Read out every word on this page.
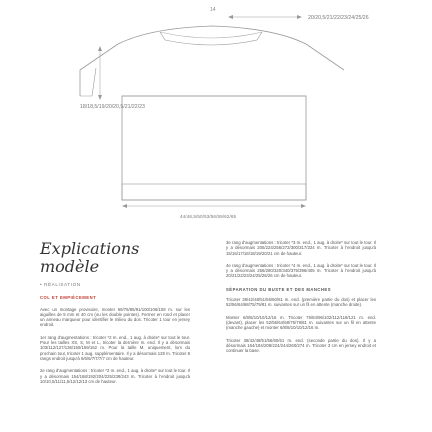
14
20/20,5/21/22/23/24/25/26
18/18,5/19/20/20,5/21/22/23
44/46,5/50/53/56/59/62/65
Explications modèle
• RÉALISATION
COL ET EMPIÈCEMENT

Avec un montage provisoire, monter 69/75/85/91/100/106/108 m. sur les aiguilles de 5 mm et 40 cm (ou les double pointes). Fermer en rond et placer un anneau marqueur pour identifier le milieu du dos. Tricoter 1 tour en jersey endroit.

1er rang d'augmentations : tricoter *2 m. end., 1 aug. à droite* sur tout le tour. Pour les tailles XS, S, M et L, tricoter la dernière m. end. Il y a désormais 103/112/127/136/150/159/162 m. Pour la taille M, uniquement, lors du prochain tour, tricoter 1 aug. supplémentaire. Il y a désormais 128 m. Tricoter 8 rangs endroit jusqu'à 5/6/6/7/7/7/7 cm de hauteur.

2e rang d'augmentations : tricoter *2 m. end., 1 aug. à droite* sur tout le tour. Il y a désormais 154/168/192/204/225/238/243 m. Tricoter à l'endroit jusqu'à 10/10,5/11/11,5/12/12/13 cm de hauteur.

3e rang d'augmentations : tricoter *3 m. end., 1 aug. à droite* sur tout le tour. Il y a désormais 205/224/256/272/300/317/324 m. Tricoter à l'endroit jusqu'à 15/16/17/18/18/19/20/21 cm de hauteur.

4e rang d'augmentations : tricoter *4 m. end., 1 aug. à droite* sur tout le tour. Il y a désormais 256/280/320/340/375/396/405 m. Tricoter à l'endroit jusqu'à 20/21/22/23/24/25/26/26 cm de hauteur.

SÉPARATION DU BUSTE ET DES MANCHES

Tricoter 38/42/48/51/56/60/61 m. end. (première partie du dos) et placer les 52/56/64/68/75/79/81 m. suivantes sur un fil en attente (manche droite).

Monter 6/8/8/10/10/12/16 m. Tricoter 76/84/96/102/112/118/121 m. end. (devant), placer les 52/56/64/68/75/79/81 m. suivantes sur un fil en attente (manche gauche) et monter 6/8/8/10/10/12/16 m.

Tricoter 38/42/48/51/56/60/61 m. end. (seconde partie du dos). Il y a désormais 164/184/208/224/244/260/274 m. Tricoter 3 cm en jersey endroit et continuer la base.
